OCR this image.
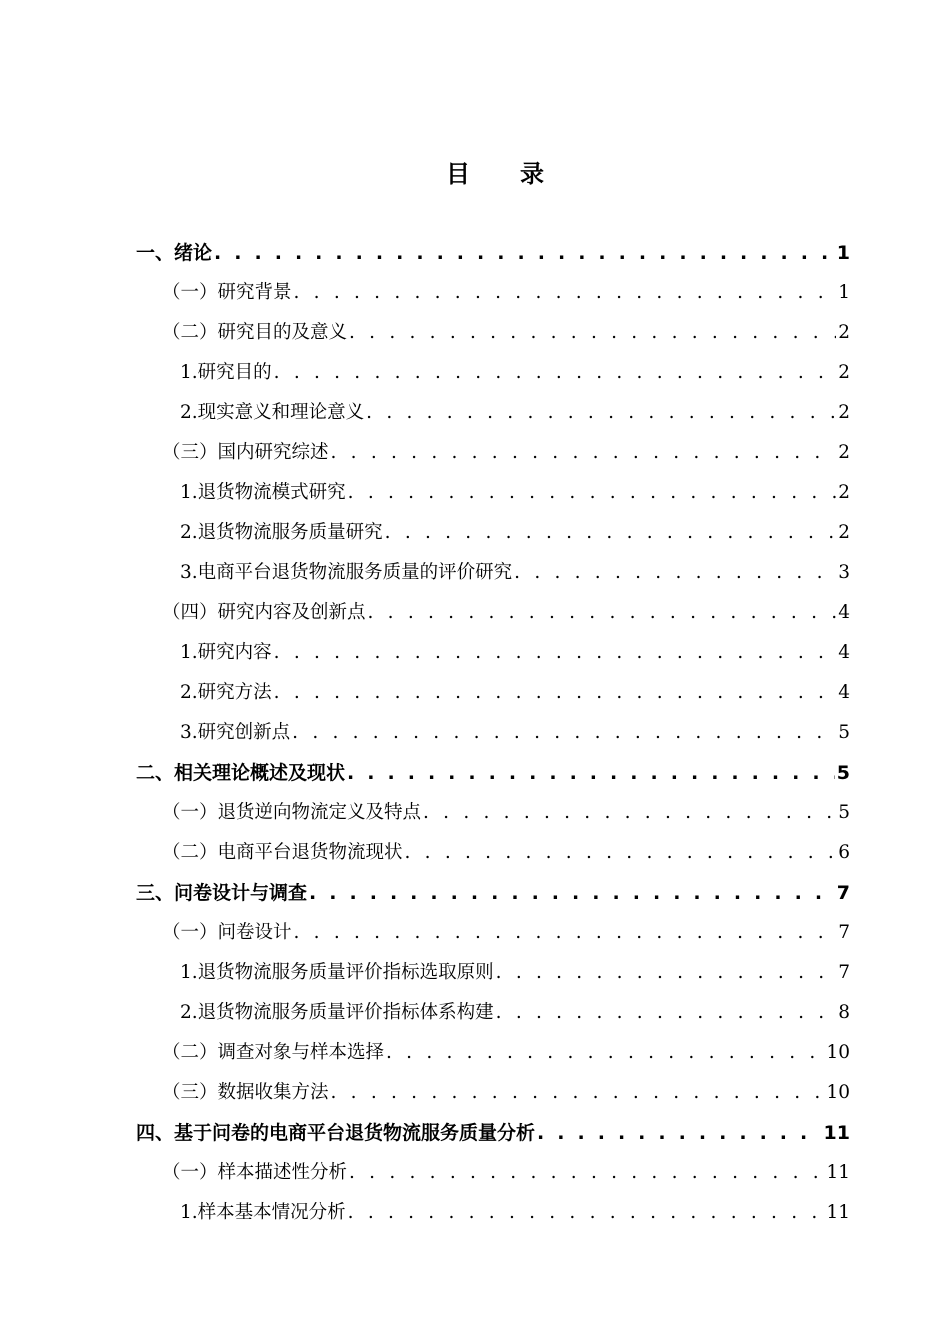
目 录
一、绪论 . . .	1
（一）研究背景 . . .	1
（二）研究目的及意义 . . .	2
1.研究目的 . . .	2
2.现实意义和理论意义 . . .	2
（三）国内研究综述 . . .	2
1.退货物流模式研究 . . .	2
2.退货物流服务质量研究 . . .	2
3.电商平台退货物流服务质量的评价研究 . . .	3
（四）研究内容及创新点 . . .	4
1.研究内容 . . .	4
2.研究方法 . . .	4
3.研究创新点 . . .	5
二、相关理论概述及现状 . . .	5
（一）退货逆向物流定义及特点 . . .	5
（二）电商平台退货物流现状 . . .	6
三、问卷设计与调查 . . .	7
（一）问卷设计 . . .	7
1.退货物流服务质量评价指标选取原则 . . .	7
2.退货物流服务质量评价指标体系构建 . . .	8
（二）调查对象与样本选择 . . .	10
（三）数据收集方法 . . .	10
四、基于问卷的电商平台退货物流服务质量分析 . . .	11
（一）样本描述性分析 . . .	11
1.样本基本情况分析 . . .	11
